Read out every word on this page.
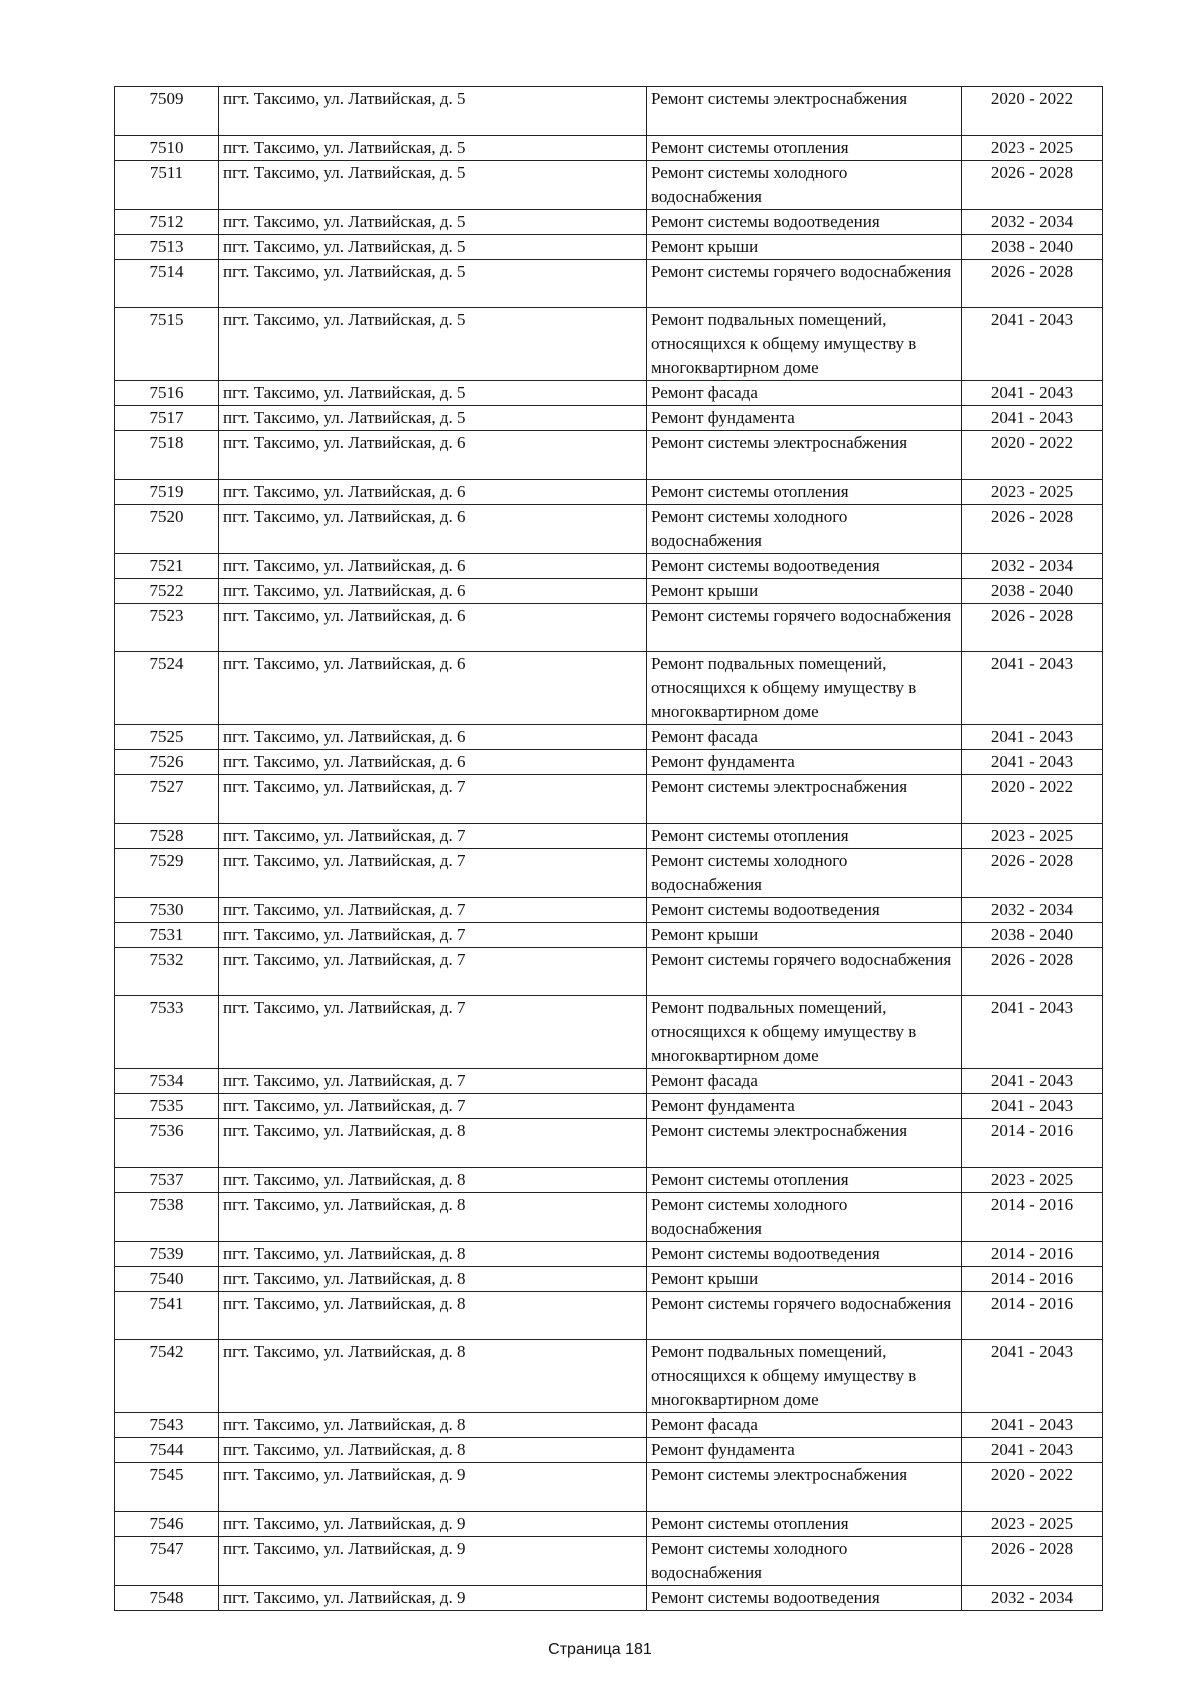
7509	пгт. Таксимо, ул. Латвийская, д. 5	Ремонт системы электроснабжения	2020 - 2022
7510	пгт. Таксимо, ул. Латвийская, д. 5	Ремонт системы отопления	2023 - 2025
7511	пгт. Таксимо, ул. Латвийская, д. 5	Ремонт системы холодного водоснабжения	2026 - 2028
7512	пгт. Таксимо, ул. Латвийская, д. 5	Ремонт системы водоотведения	2032 - 2034
7513	пгт. Таксимо, ул. Латвийская, д. 5	Ремонт крыши	2038 - 2040
7514	пгт. Таксимо, ул. Латвийская, д. 5	Ремонт системы горячего водоснабжения	2026 - 2028
7515	пгт. Таксимо, ул. Латвийская, д. 5	Ремонт подвальных помещений, относящихся к общему имуществу в многоквартирном доме	2041 - 2043
7516	пгт. Таксимо, ул. Латвийская, д. 5	Ремонт фасада	2041 - 2043
7517	пгт. Таксимо, ул. Латвийская, д. 5	Ремонт фундамента	2041 - 2043
7518	пгт. Таксимо, ул. Латвийская, д. 6	Ремонт системы электроснабжения	2020 - 2022
7519	пгт. Таксимо, ул. Латвийская, д. 6	Ремонт системы отопления	2023 - 2025
7520	пгт. Таксимо, ул. Латвийская, д. 6	Ремонт системы холодного водоснабжения	2026 - 2028
7521	пгт. Таксимо, ул. Латвийская, д. 6	Ремонт системы водоотведения	2032 - 2034
7522	пгт. Таксимо, ул. Латвийская, д. 6	Ремонт крыши	2038 - 2040
7523	пгт. Таксимо, ул. Латвийская, д. 6	Ремонт системы горячего водоснабжения	2026 - 2028
7524	пгт. Таксимо, ул. Латвийская, д. 6	Ремонт подвальных помещений, относящихся к общему имуществу в многоквартирном доме	2041 - 2043
7525	пгт. Таксимо, ул. Латвийская, д. 6	Ремонт фасада	2041 - 2043
7526	пгт. Таксимо, ул. Латвийская, д. 6	Ремонт фундамента	2041 - 2043
7527	пгт. Таксимо, ул. Латвийская, д. 7	Ремонт системы электроснабжения	2020 - 2022
7528	пгт. Таксимо, ул. Латвийская, д. 7	Ремонт системы отопления	2023 - 2025
7529	пгт. Таксимо, ул. Латвийская, д. 7	Ремонт системы холодного водоснабжения	2026 - 2028
7530	пгт. Таксимо, ул. Латвийская, д. 7	Ремонт системы водоотведения	2032 - 2034
7531	пгт. Таксимо, ул. Латвийская, д. 7	Ремонт крыши	2038 - 2040
7532	пгт. Таксимо, ул. Латвийская, д. 7	Ремонт системы горячего водоснабжения	2026 - 2028
7533	пгт. Таксимо, ул. Латвийская, д. 7	Ремонт подвальных помещений, относящихся к общему имуществу в многоквартирном доме	2041 - 2043
7534	пгт. Таксимо, ул. Латвийская, д. 7	Ремонт фасада	2041 - 2043
7535	пгт. Таксимо, ул. Латвийская, д. 7	Ремонт фундамента	2041 - 2043
7536	пгт. Таксимо, ул. Латвийская, д. 8	Ремонт системы электроснабжения	2014 - 2016
7537	пгт. Таксимо, ул. Латвийская, д. 8	Ремонт системы отопления	2023 - 2025
7538	пгт. Таксимо, ул. Латвийская, д. 8	Ремонт системы холодного водоснабжения	2014 - 2016
7539	пгт. Таксимо, ул. Латвийская, д. 8	Ремонт системы водоотведения	2014 - 2016
7540	пгт. Таксимо, ул. Латвийская, д. 8	Ремонт крыши	2014 - 2016
7541	пгт. Таксимо, ул. Латвийская, д. 8	Ремонт системы горячего водоснабжения	2014 - 2016
7542	пгт. Таксимо, ул. Латвийская, д. 8	Ремонт подвальных помещений, относящихся к общему имуществу в многоквартирном доме	2041 - 2043
7543	пгт. Таксимо, ул. Латвийская, д. 8	Ремонт фасада	2041 - 2043
7544	пгт. Таксимо, ул. Латвийская, д. 8	Ремонт фундамента	2041 - 2043
7545	пгт. Таксимо, ул. Латвийская, д. 9	Ремонт системы электроснабжения	2020 - 2022
7546	пгт. Таксимо, ул. Латвийская, д. 9	Ремонт системы отопления	2023 - 2025
7547	пгт. Таксимо, ул. Латвийская, д. 9	Ремонт системы холодного водоснабжения	2026 - 2028
7548	пгт. Таксимо, ул. Латвийская, д. 9	Ремонт системы водоотведения	2032 - 2034
Страница 181
